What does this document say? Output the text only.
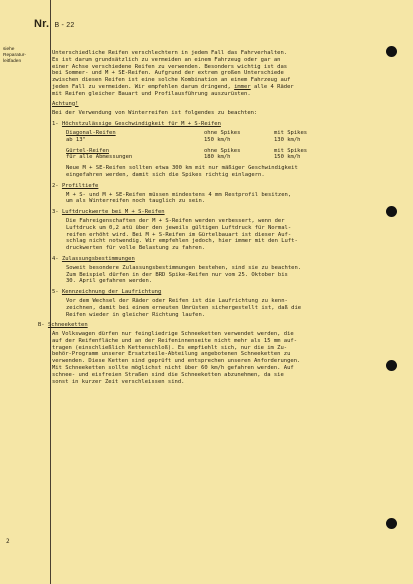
Nr. B - 22
siehe
Reparatur-
leitfaden
2
Unterschiedliche Reifen verschlechtern in jedem Fall das Fahrverhalten.
Es ist darum grundsätzlich zu vermeiden an einem Fahrzeug oder gar an
einer Achse verschiedene Reifen zu verwenden. Besonders wichtig ist das
bei Sommer- und M + SE-Reifen. Aufgrund der extrem großen Unterschiede
zwischen diesen Reifen ist eine solche Kombination an einem Fahrzeug auf
jeden Fall zu vermeiden. Wir empfehlen darum dringend, immer alle 4 Räder
mit Reifen gleicher Bauart und Profilausführung auszurüsten.
Achtung!
Bei der Verwendung von Winterreifen ist folgendes zu beachten:
1- Höchstzulässige Geschwindigkeit für M + S-Reifen
Diagonal-Reifen	ohne Spikes	mit Spikes
ab 13"	150 km/h	130 km/h
Gürtel-Reifen	ohne Spikes	mit Spikes
für alle Abmessungen	180 km/h	150 km/h
Neue M + SE-Reifen sollten etwa 300 km mit nur mäßiger Geschwindigkeit
eingefahren werden, damit sich die Spikes richtig einlagern.
2- Profiltiefe
M + S- und M + SE-Reifen müssen mindestens 4 mm Restprofil besitzen,
um als Winterreifen noch tauglich zu sein.
3- Luftdruckwerte bei M + S-Reifen
Die Fahreigenschaften der M + S-Reifen werden verbessert, wenn der
Luftdruck um 0,2 atü über den jeweils gültigen Luftdruck für Normal-
reifen erhöht wird. Bei M + S-Reifen im Gürtelbauart ist dieser Auf-
schlag nicht notwendig. Wir empfehlen jedoch, hier immer mit den Luft-
druckwerten für volle Belastung zu fahren.
4- Zulassungsbestimmungen
Soweit besondere Zulassungsbestimmungen bestehen, sind sie zu beachten.
Zum Beispiel dürfen in der BRD Spike-Reifen nur vom 25. Oktober bis
30. April gefahren werden.
5- Kennzeichnung der Laufrichtung
Vor dem Wechsel der Räder oder Reifen ist die Laufrichtung zu kenn-
zeichnen, damit bei einem erneuten Umrüsten sichergestellt ist, daß die
Reifen wieder in gleicher Richtung laufen.
B- Schneeketten
An Volkswagen dürfen nur feingliedrige Schneeketten verwendet werden, die
auf der Reifenfläche und an der Reifeninnenseite nicht mehr als 15 mm auf-
tragen (einschließlich Kettenschloß). Es empfiehlt sich, nur die im Zu-
behör-Programm unserer Ersatzteile-Abteilung angebotenen Schneeketten zu
verwenden. Diese Ketten sind geprüft und entsprechen unseren Anforderungen.
Mit Schneeketten sollte möglichst nicht über 60 km/h gefahren werden. Auf
schnee- und eisfreien Straßen sind die Schneeketten abzunehmen, da sie
sonst in kurzer Zeit verschleissen sind.
